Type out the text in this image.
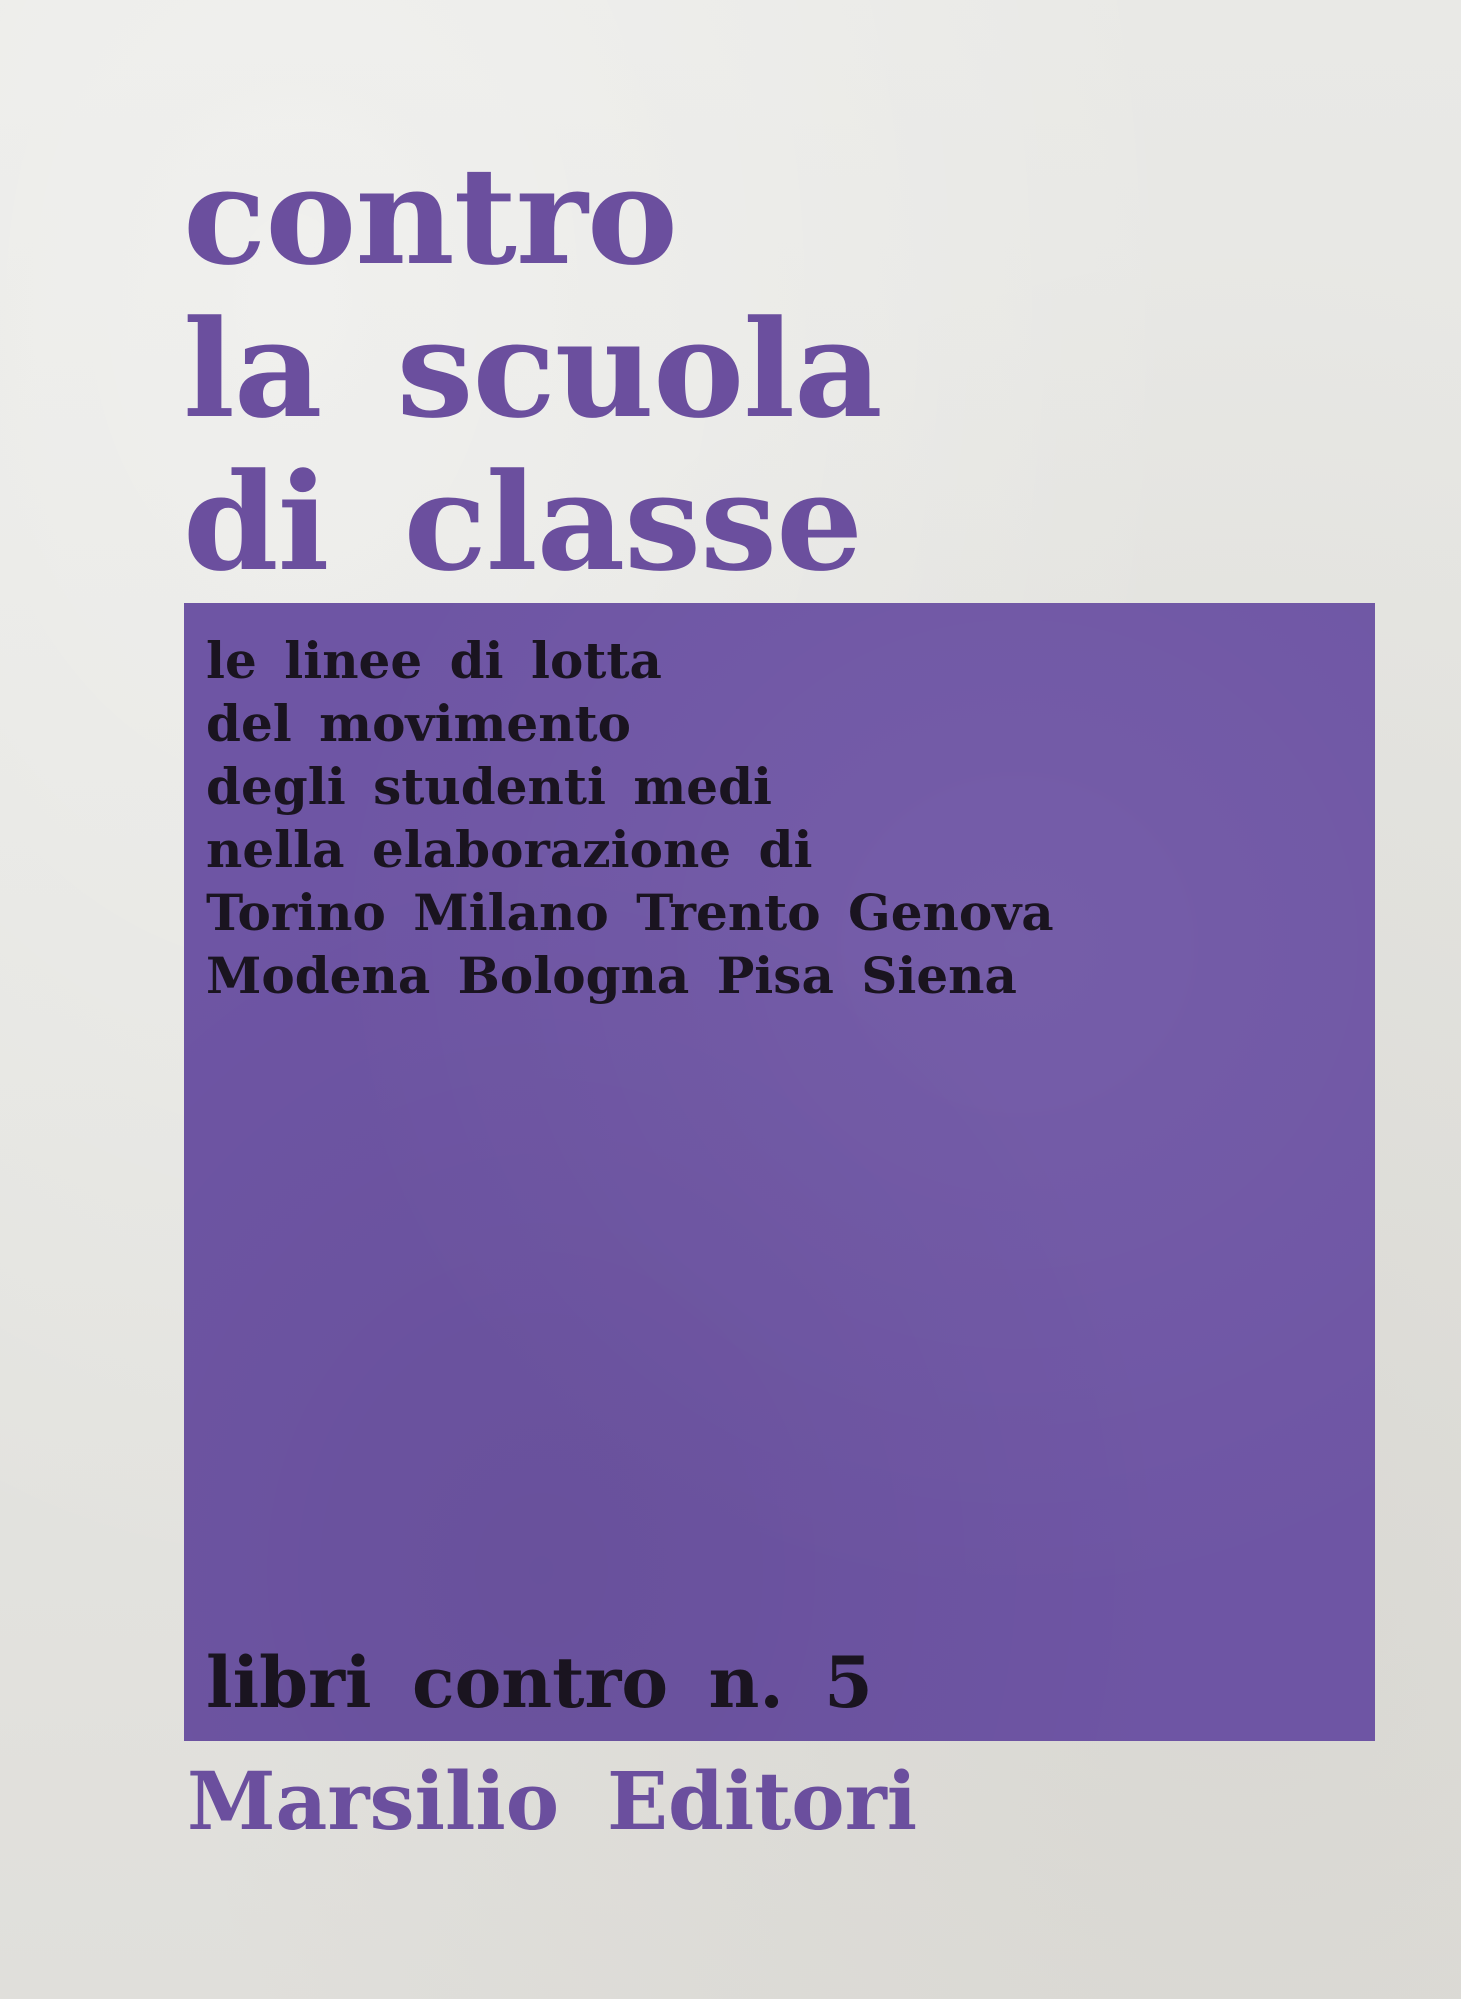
contro
la scuola
di classe

le linee di lotta
del movimento
degli studenti medi
nella elaborazione di
Torino Milano Trento Genova
Modena Bologna Pisa Siena

libri contro n. 5

Marsilio Editori
